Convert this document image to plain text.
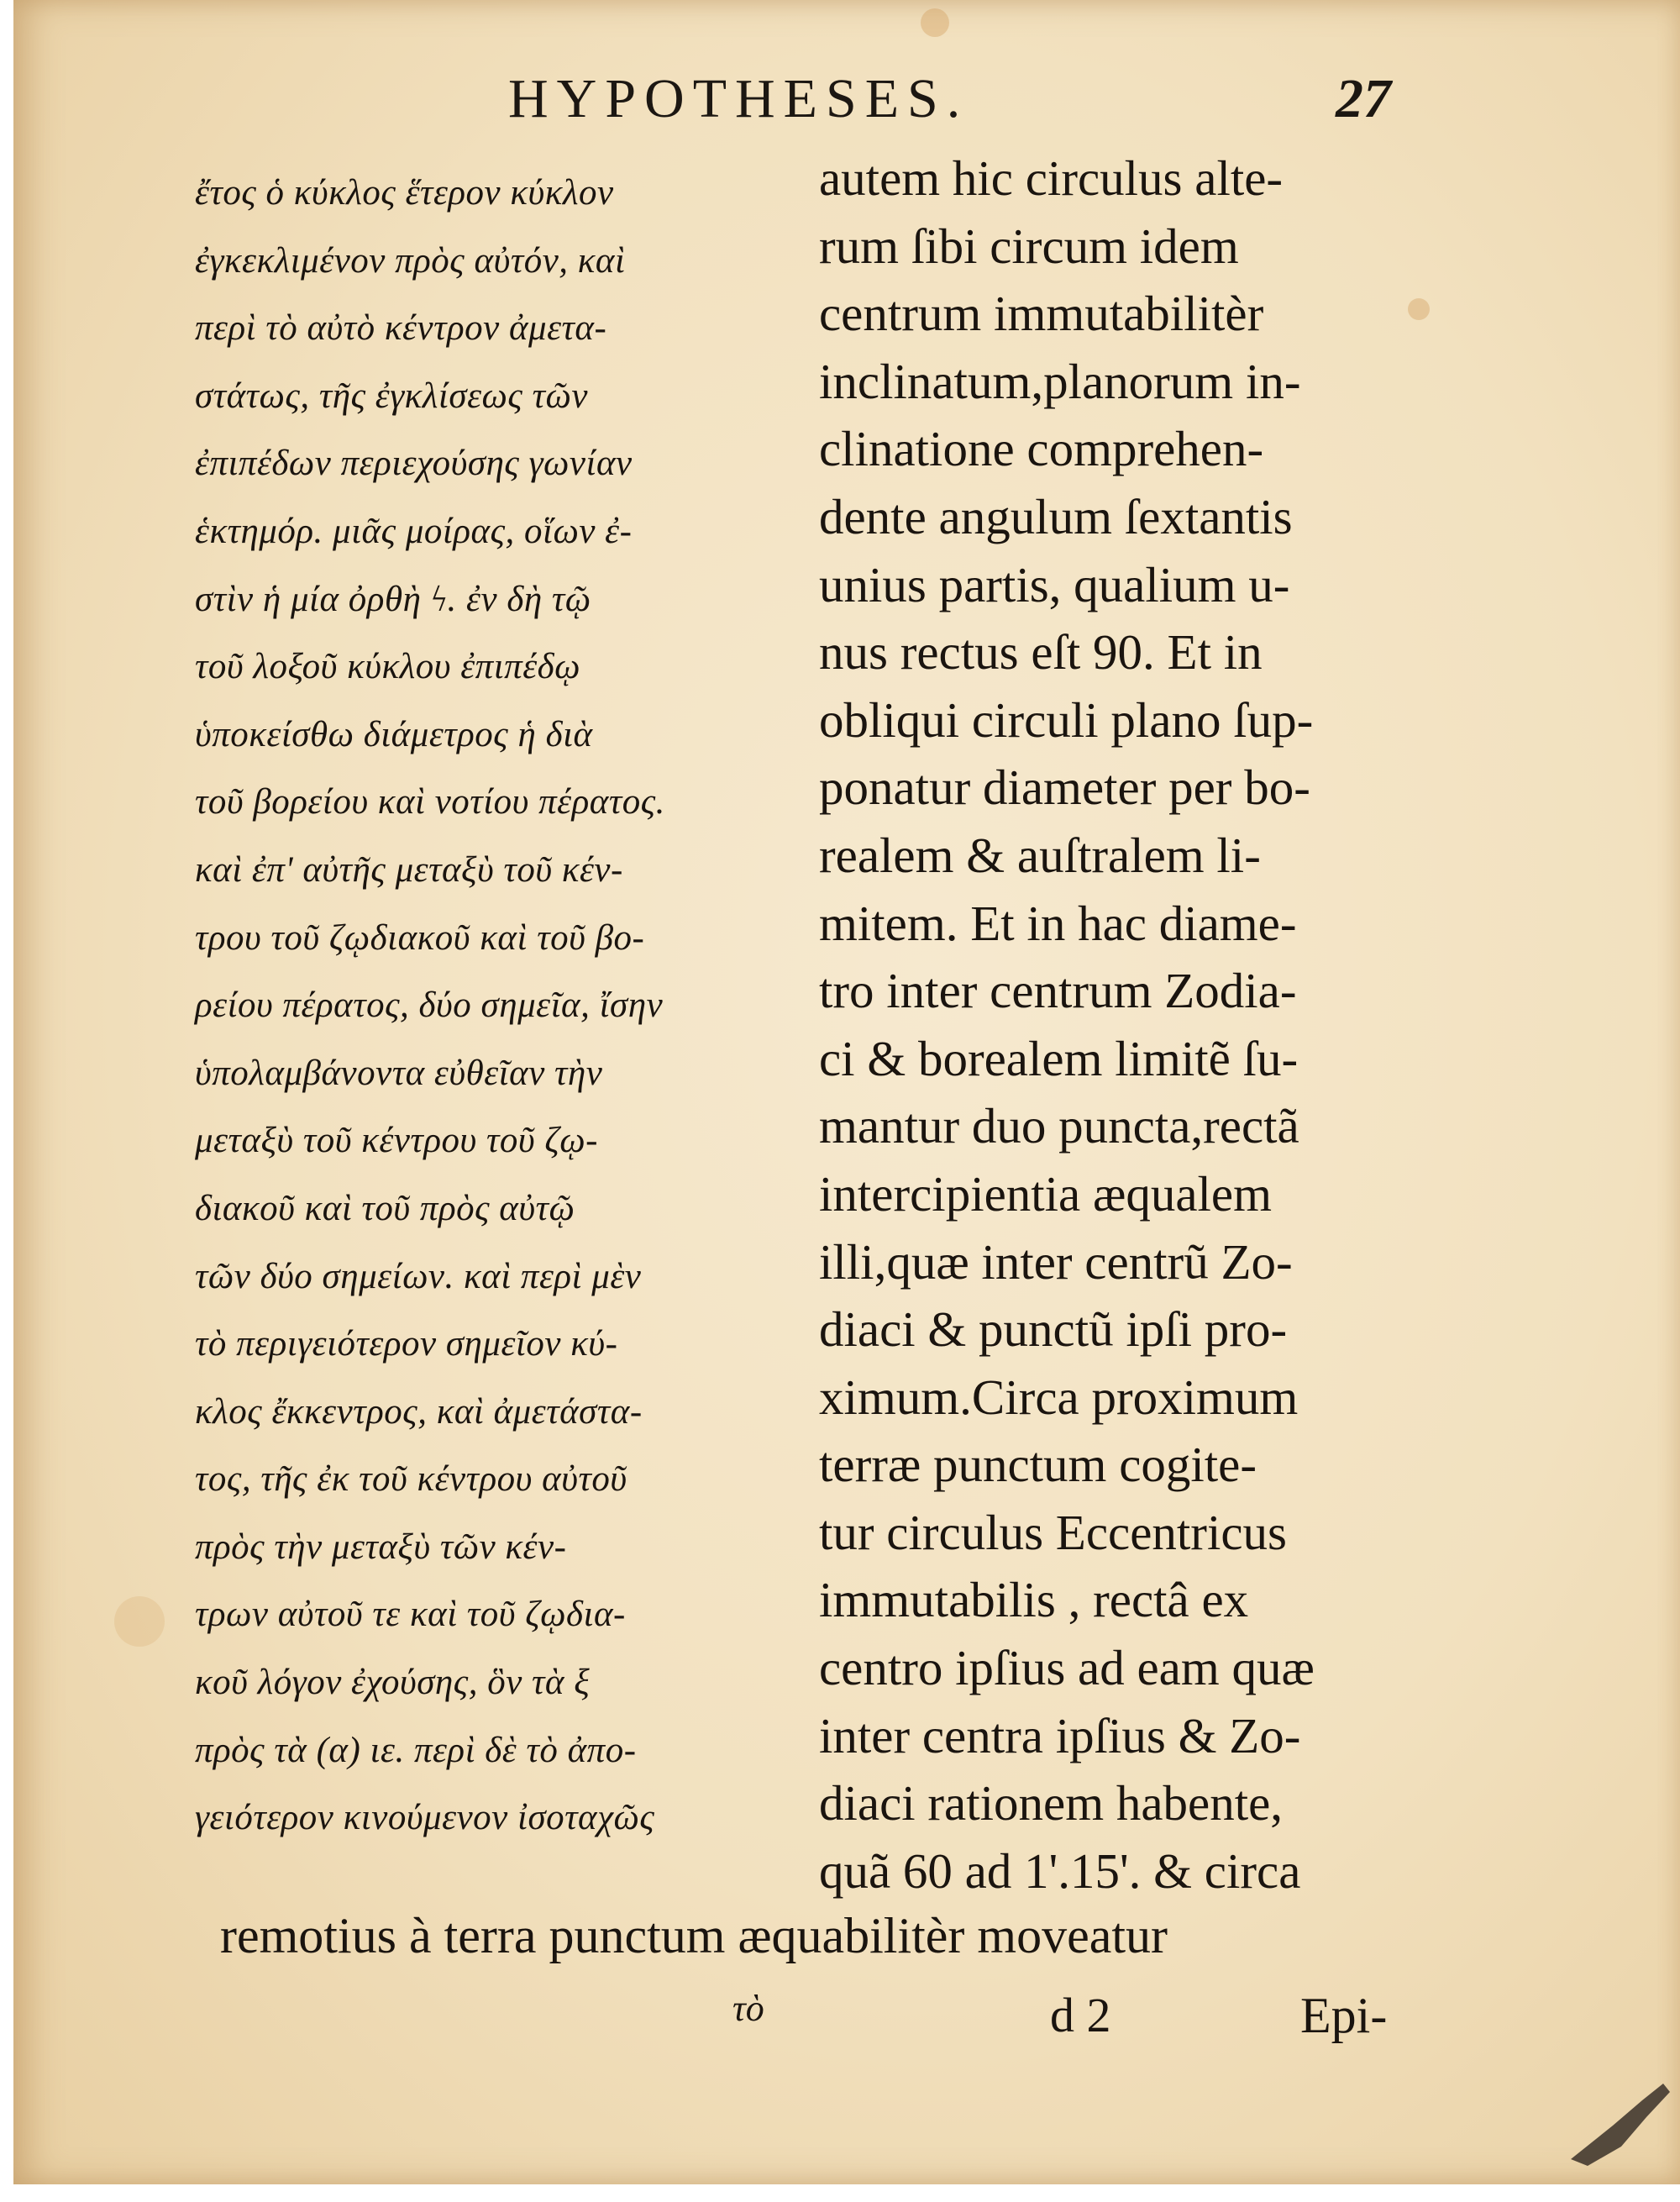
HYPOTHESES.	27
ἔτος ὁ κύκλος ἕτερον κύκλον
ἐγκεκλιμένον πρὸς αὐτόν, καὶ
περὶ τὸ αὐτὸ κέντρον ἀμετα-
στάτως, τῆς ἐγκλίσεως τῶν
ἐπιπέδων περιεχούσης γωνίαν
ἑκτημόρ. μιᾶς μοίρας, οἵων ἐ-
στὶν ἡ μία ὀρθὴ ϟ. ἐν δὴ τῷ
τοῦ λοξοῦ κύκλου ἐπιπέδῳ
ὑποκείσθω διάμετρος ἡ διὰ
τοῦ βορείου καὶ νοτίου πέρατος.
καὶ ἐπ' αὐτῆς μεταξὺ τοῦ κέν-
τρου τοῦ ζῳδιακοῦ καὶ τοῦ βο-
ρείου πέρατος, δύο σημεῖα, ἴσην
ὑπολαμβάνοντα εὐθεῖαν τὴν
μεταξὺ τοῦ κέντρου τοῦ ζῳ-
διακοῦ καὶ τοῦ πρὸς αὐτῷ
τῶν δύο σημείων. καὶ περὶ μὲν
τὸ περιγειότερον σημεῖον κύ-
κλος ἔκκεντρος, καὶ ἀμετάστα-
τος, τῆς ἐκ τοῦ κέντρου αὐτοῦ
πρὸς τὴν μεταξὺ τῶν κέν-
τρων αὐτοῦ τε καὶ τοῦ ζῳδια-
κοῦ λόγον ἐχούσης, ὃν τὰ ξ
πρὸς τὰ (α) ιε. περὶ δὲ τὸ ἀπο-
γειότερον κινούμενον ἰσοταχῶς
autem hic circulus alte-
rum ſibi circum idem
centrum immutabilitèr
inclinatum,planorum in-
clinatione comprehen-
dente angulum ſextantis
unius partis, qualium u-
nus rectus eſt 90. Et in
obliqui circuli plano ſup-
ponatur diameter per bo-
realem & auſtralem li-
mitem. Et in hac diame-
tro inter centrum Zodia-
ci & borealem limitẽ ſu-
mantur duo puncta,rectã
intercipientia æqualem
illi,quæ inter centrũ Zo-
diaci & punctũ ipſi pro-
ximum.Circa proximum
terræ punctum cogite-
tur circulus Eccentricus
immutabilis , rectâ ex
centro ipſius ad eam quæ
inter centra ipſius & Zo-
diaci rationem habente,
quã 60 ad 1'.15'. & circa
remotius à terra punctum æquabilitèr moveatur
τὸ	d 2	Epi-
